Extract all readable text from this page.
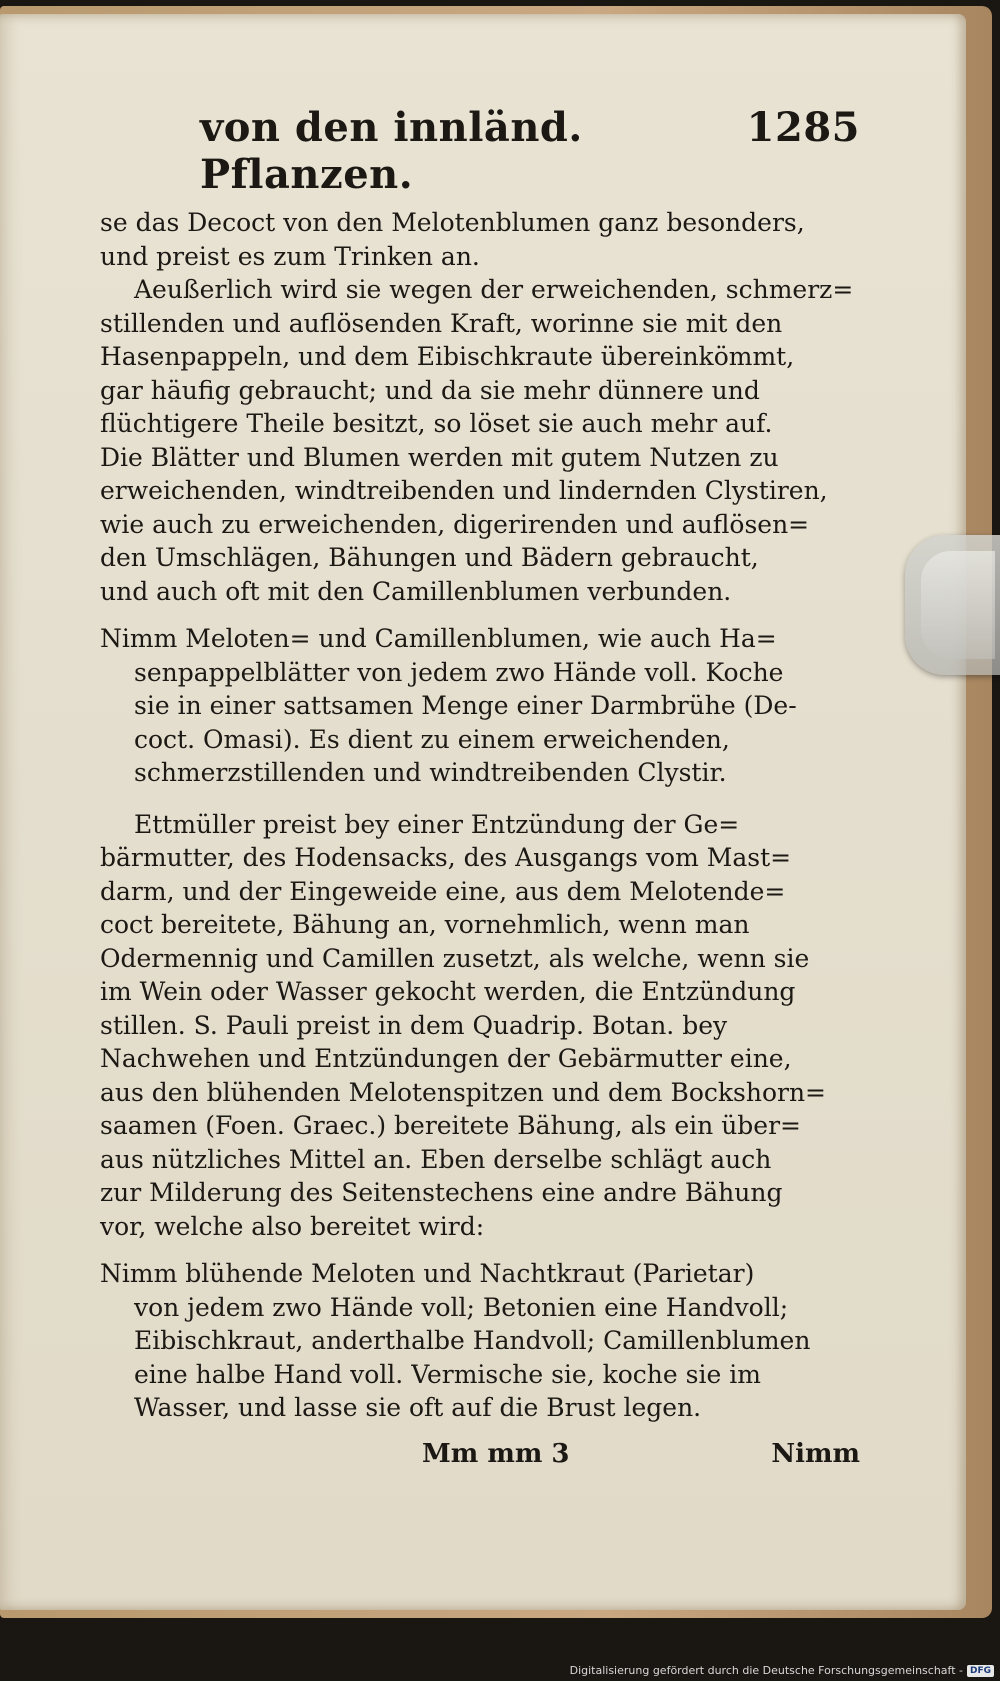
von den innländ. Pflanzen.
1285

se das Decoct von den Melotenblumen ganz besonders,
und preist es zum Trinken an.

Aeußerlich wird sie wegen der erweichenden, schmerz=
stillenden und auflösenden Kraft, worinne sie mit den
Hasenpappeln, und dem Eibischkraute übereinkömmt,
gar häufig gebraucht; und da sie mehr dünnere und
flüchtigere Theile besitzt, so löset sie auch mehr auf.
Die Blätter und Blumen werden mit gutem Nutzen zu
erweichenden, windtreibenden und lindernden Clystiren,
wie auch zu erweichenden, digerirenden und auflösen=
den Umschlägen, Bähungen und Bädern gebraucht,
und auch oft mit den Camillenblumen verbunden.

Nimm Meloten= und Camillenblumen, wie auch Ha=
senpappelblätter von jedem zwo Hände voll. Koche
sie in einer sattsamen Menge einer Darmbrühe (De-
coct. Omasi). Es dient zu einem erweichenden,
schmerzstillenden und windtreibenden Clystir.

Ettmüller preist bey einer Entzündung der Ge=
bärmutter, des Hodensacks, des Ausgangs vom Mast=
darm, und der Eingeweide eine, aus dem Melotende=
coct bereitete, Bähung an, vornehmlich, wenn man
Odermennig und Camillen zusetzt, als welche, wenn sie
im Wein oder Wasser gekocht werden, die Entzündung
stillen. S. Pauli preist in dem Quadrip. Botan. bey
Nachwehen und Entzündungen der Gebärmutter eine,
aus den blühenden Melotenspitzen und dem Bockshorn=
saamen (Foen. Graec.) bereitete Bähung, als ein über=
aus nützliches Mittel an. Eben derselbe schlägt auch
zur Milderung des Seitenstechens eine andre Bähung
vor, welche also bereitet wird:

Nimm blühende Meloten und Nachtkraut (Parietar)
von jedem zwo Hände voll; Betonien eine Handvoll;
Eibischkraut, anderthalbe Handvoll; Camillenblumen
eine halbe Hand voll. Vermische sie, koche sie im
Wasser, und lasse sie oft auf die Brust legen.

Mm mm 3	Nimm
Digitalisierung gefördert durch die Deutsche Forschungsgemeinschaft - DFG
